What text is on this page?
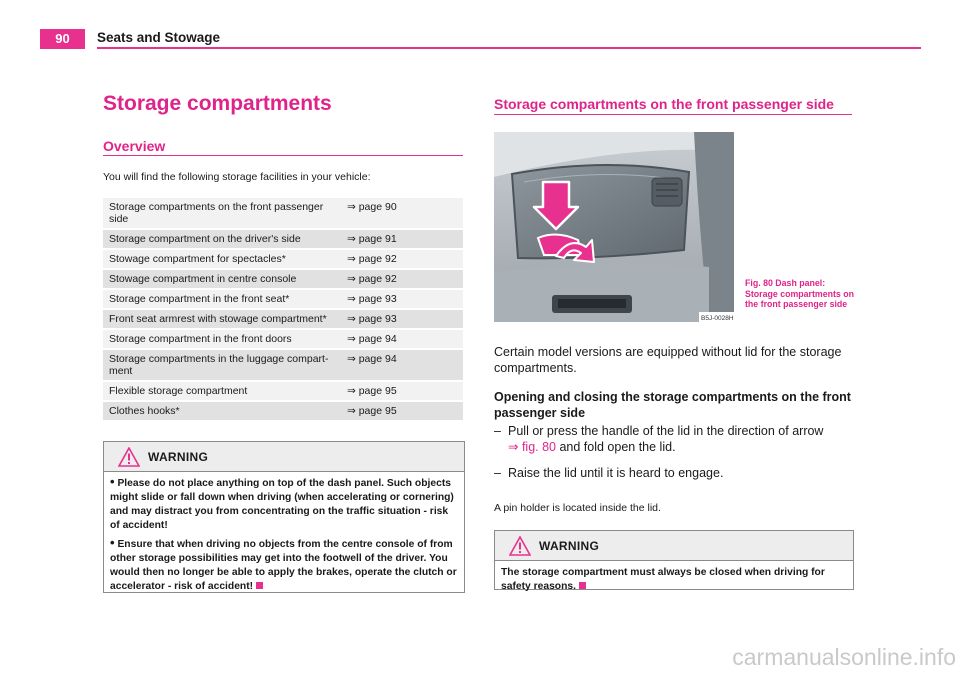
90	Seats and Stowage
Storage compartments
Overview
You will find the following storage facilities in your vehicle:
Storage compartments on the front passenger side	⇒ page 90
Storage compartment on the driver's side	⇒ page 91
Stowage compartment for spectacles*	⇒ page 92
Stowage compartment in centre console	⇒ page 92
Storage compartment in the front seat*	⇒ page 93
Front seat armrest with stowage compartment*	⇒ page 93
Storage compartment in the front doors	⇒ page 94
Storage compartments in the luggage compart-ment	⇒ page 94
Flexible storage compartment	⇒ page 95
Clothes hooks*	⇒ page 95
WARNING

• Please do not place anything on top of the dash panel. Such objects might slide or fall down when driving (when accelerating or cornering) and may distract you from concentrating on the traffic situation - risk of accident!

• Ensure that when driving no objects from the centre console of from other storage possibilities may get into the footwell of the driver. You would then no longer be able to apply the brakes, operate the clutch or accelerator - risk of accident!

Storage compartments on the front passenger side
B5J-0028H
Fig. 80 Dash panel: Storage compartments on the front passenger side
Certain model versions are equipped without lid for the storage compartments.
Opening and closing the storage compartments on the front passenger side
– Pull or press the handle of the lid in the direction of arrow
⇒ fig. 80 and fold open the lid.
– Raise the lid until it is heard to engage.
A pin holder is located inside the lid.
WARNING
The storage compartment must always be closed when driving for safety reasons.
carmanualsonline.info
